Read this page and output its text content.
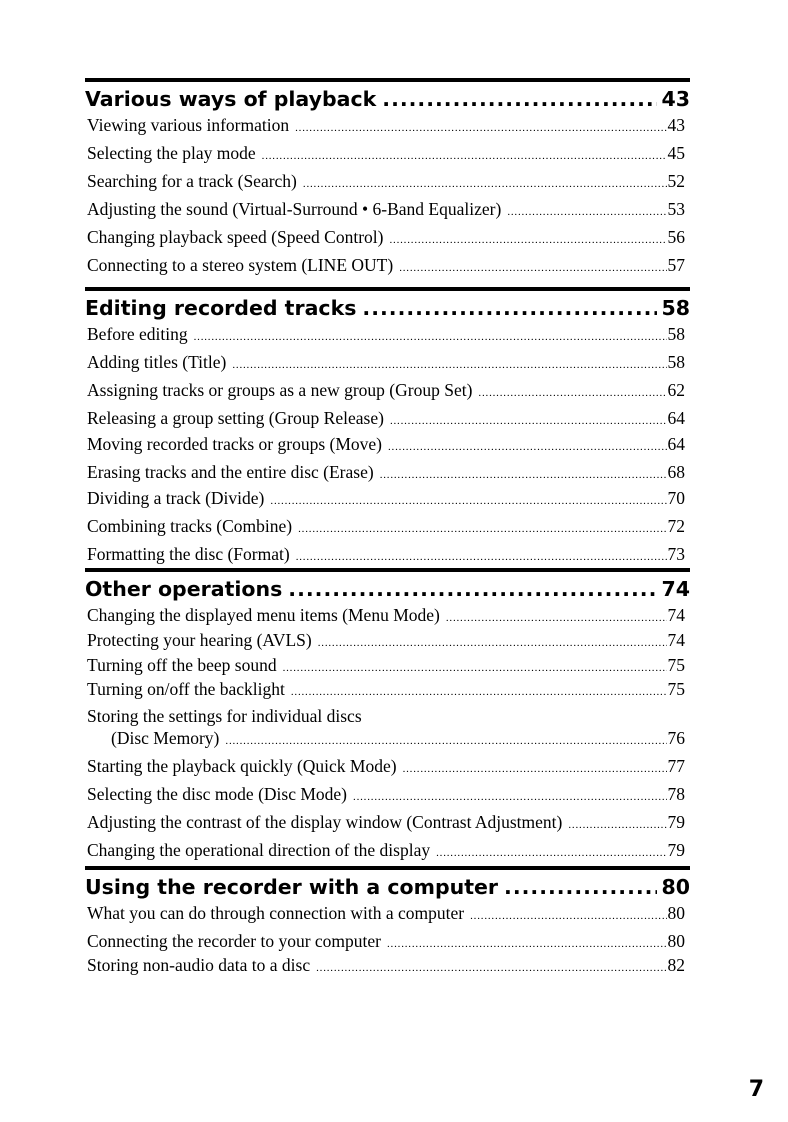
Various ways of playback .....	43
Viewing various information .....	43
Selecting the play mode .....	45
Searching for a track (Search) .....	52
Adjusting the sound (Virtual-Surround • 6-Band Equalizer) .....	53
Changing playback speed (Speed Control) .....	56
Connecting to a stereo system (LINE OUT) .....	57
Editing recorded tracks .....	58
Before editing .....	58
Adding titles (Title) .....	58
Assigning tracks or groups as a new group (Group Set) .....	62
Releasing a group setting (Group Release) .....	64
Moving recorded tracks or groups (Move) .....	64
Erasing tracks and the entire disc (Erase) .....	68
Dividing a track (Divide) .....	70
Combining tracks (Combine) .....	72
Formatting the disc (Format) .....	73
Other operations .....	74
Changing the displayed menu items (Menu Mode) .....	74
Protecting your hearing (AVLS) .....	74
Turning off the beep sound .....	75
Turning on/off the backlight .....	75
Storing the settings for individual discs
(Disc Memory) .....	76
Starting the playback quickly (Quick Mode) .....	77
Selecting the disc mode (Disc Mode) .....	78
Adjusting the contrast of the display window (Contrast Adjustment) .....	79
Changing the operational direction of the display .....	79
Using the recorder with a computer .....	80
What you can do through connection with a computer .....	80
Connecting the recorder to your computer .....	80
Storing non-audio data to a disc .....	82
7
